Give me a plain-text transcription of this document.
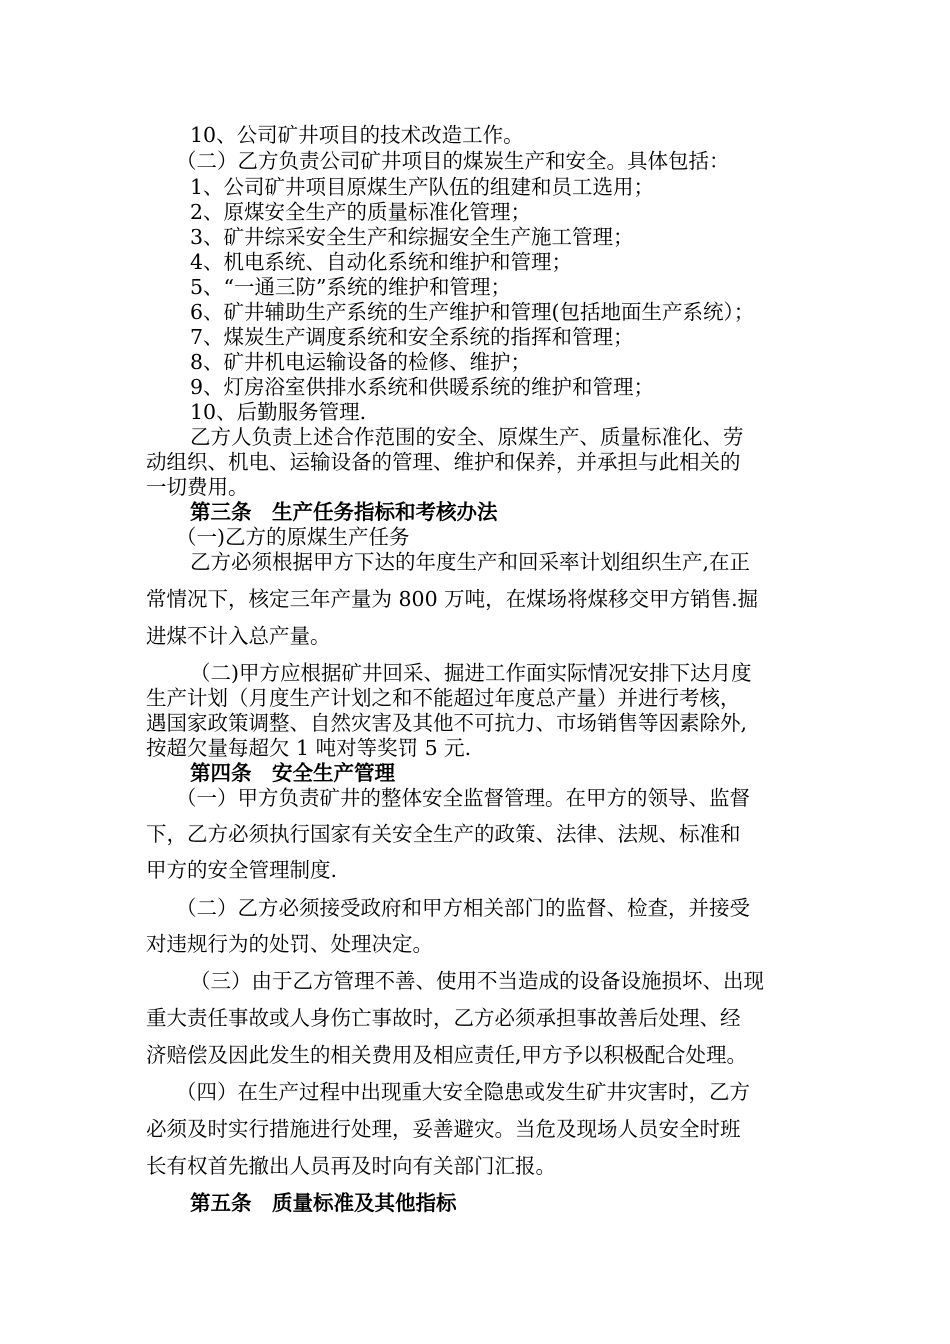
10、公司矿井项目的技术改造工作。
（二）乙方负责公司矿井项目的煤炭生产和安全。具体包括：
1、公司矿井项目原煤生产队伍的组建和员工选用；
2、原煤安全生产的质量标准化管理；
3、矿井综采安全生产和综掘安全生产施工管理；
4、机电系统、自动化系统和维护和管理；
5、“一通三防”系统的维护和管理；
6、矿井辅助生产系统的生产维护和管理(包括地面生产系统）；
7、煤炭生产调度系统和安全系统的指挥和管理；
8、矿井机电运输设备的检修、维护；
9、灯房浴室供排水系统和供暖系统的维护和管理；
10、后勤服务管理.
乙方人负责上述合作范围的安全、原煤生产、质量标准化、劳
动组织、机电、运输设备的管理、维护和保养，并承担与此相关的
一切费用。
第三条　生产任务指标和考核办法
（一)乙方的原煤生产任务
乙方必须根据甲方下达的年度生产和回采率计划组织生产,在正
常情况下，核定三年产量为 800 万吨，在煤场将煤移交甲方销售.掘
进煤不计入总产量。
（二)甲方应根据矿井回采、掘进工作面实际情况安排下达月度
生产计划（月度生产计划之和不能超过年度总产量）并进行考核，
遇国家政策调整、自然灾害及其他不可抗力、市场销售等因素除外,
按超欠量每超欠 1 吨对等奖罚 5 元.
第四条　安全生产管理
（一）甲方负责矿井的整体安全监督管理。在甲方的领导、监督
下，乙方必须执行国家有关安全生产的政策、法律、法规、标准和
甲方的安全管理制度.
（二）乙方必须接受政府和甲方相关部门的监督、检查，并接受
对违规行为的处罚、处理决定。
（三）由于乙方管理不善、使用不当造成的设备设施损坏、出现
重大责任事故或人身伤亡事故时，乙方必须承担事故善后处理、经
济赔偿及因此发生的相关费用及相应责任,甲方予以积极配合处理。
（四）在生产过程中出现重大安全隐患或发生矿井灾害时，乙方
必须及时实行措施进行处理，妥善避灾。当危及现场人员安全时班
长有权首先撤出人员再及时向有关部门汇报。
第五条　质量标准及其他指标
